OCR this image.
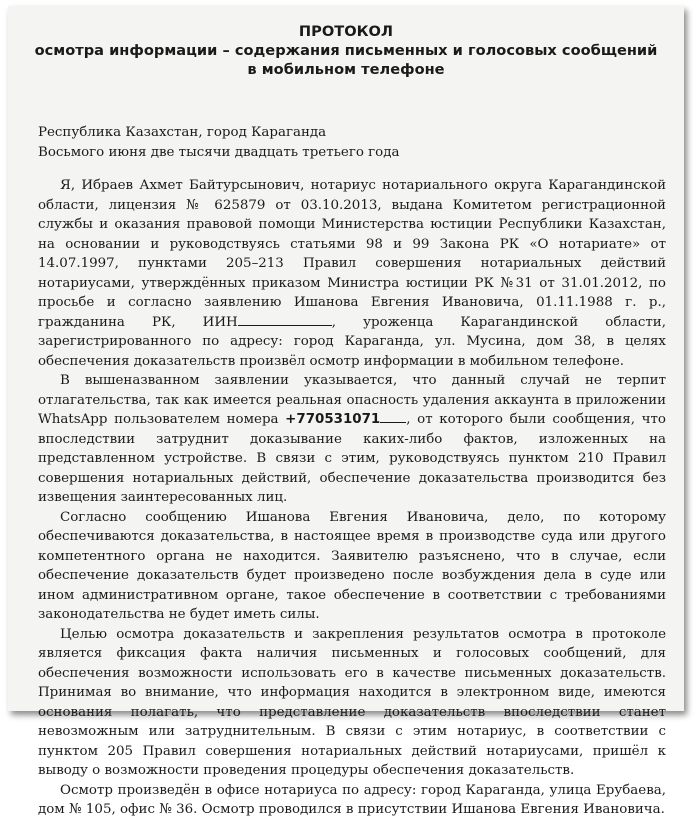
ПРОТОКОЛ
осмотра информации – содержания письменных и голосовых сообщений
в мобильном телефоне
Республика Казахстан, город Караганда
Восьмого июня две тысячи двадцать третьего года

Я, Ибраев Ахмет Байтурсынович, нотариус нотариального округа Карагандинской области, лицензия № 625879 от 03.10.2013, выдана Комитетом регистрационной службы и оказания правовой помощи Министерства юстиции Республики Казахстан, на основании и руководствуясь статьями 98 и 99 Закона РК «О нотариате» от 14.07.1997, пунктами 205–213 Правил совершения нотариальных действий нотариусами, утверждённых приказом Министра юстиции РК №31 от 31.01.2012, по просьбе и согласно заявлению Ишанова Евгения Ивановича, 01.11.1988 г. р., гражданина РК, ИИН	, уроженца Карагандинской области, зарегистрированного по адресу: город Караганда, ул. Мусина, дом 38, в целях обеспечения доказательств произвёл осмотр информации в мобильном телефоне.

В вышеназванном заявлении указывается, что данный случай не терпит отлагательства, так как имеется реальная опасность удаления аккаунта в приложении WhatsApp пользователем номера +770531071 , от которого были сообщения, что впоследствии затруднит доказывание каких-либо фактов, изложенных на представленном устройстве. В связи с этим, руководствуясь пунктом 210 Правил совершения нотариальных действий, обеспечение доказательства производится без извещения заинтересованных лиц.

Согласно сообщению Ишанова Евгения Ивановича, дело, по которому обеспечиваются доказательства, в настоящее время в производстве суда или другого компетентного органа не находится. Заявителю разъяснено, что в случае, если обеспечение доказательств будет произведено после возбуждения дела в суде или ином административном органе, такое обеспечение в соответствии с требованиями законодательства не будет иметь силы.

Целью осмотра доказательств и закрепления результатов осмотра в протоколе является фиксация факта наличия письменных и голосовых сообщений, для обеспечения возможности использовать его в качестве письменных доказательств. Принимая во внимание, что информация находится в электронном виде, имеются основания полагать, что представление доказательств впоследствии станет невозможным или затруднительным. В связи с этим нотариус, в соответствии с пунктом 205 Правил совершения нотариальных действий нотариусами, пришёл к выводу о возможности проведения процедуры обеспечения доказательств.

Осмотр произведён в офисе нотариуса по адресу: город Караганда, улица Ерубаева, дом № 105, офис № 36. Осмотр проводился в присутствии Ишанова Евгения Ивановича.
